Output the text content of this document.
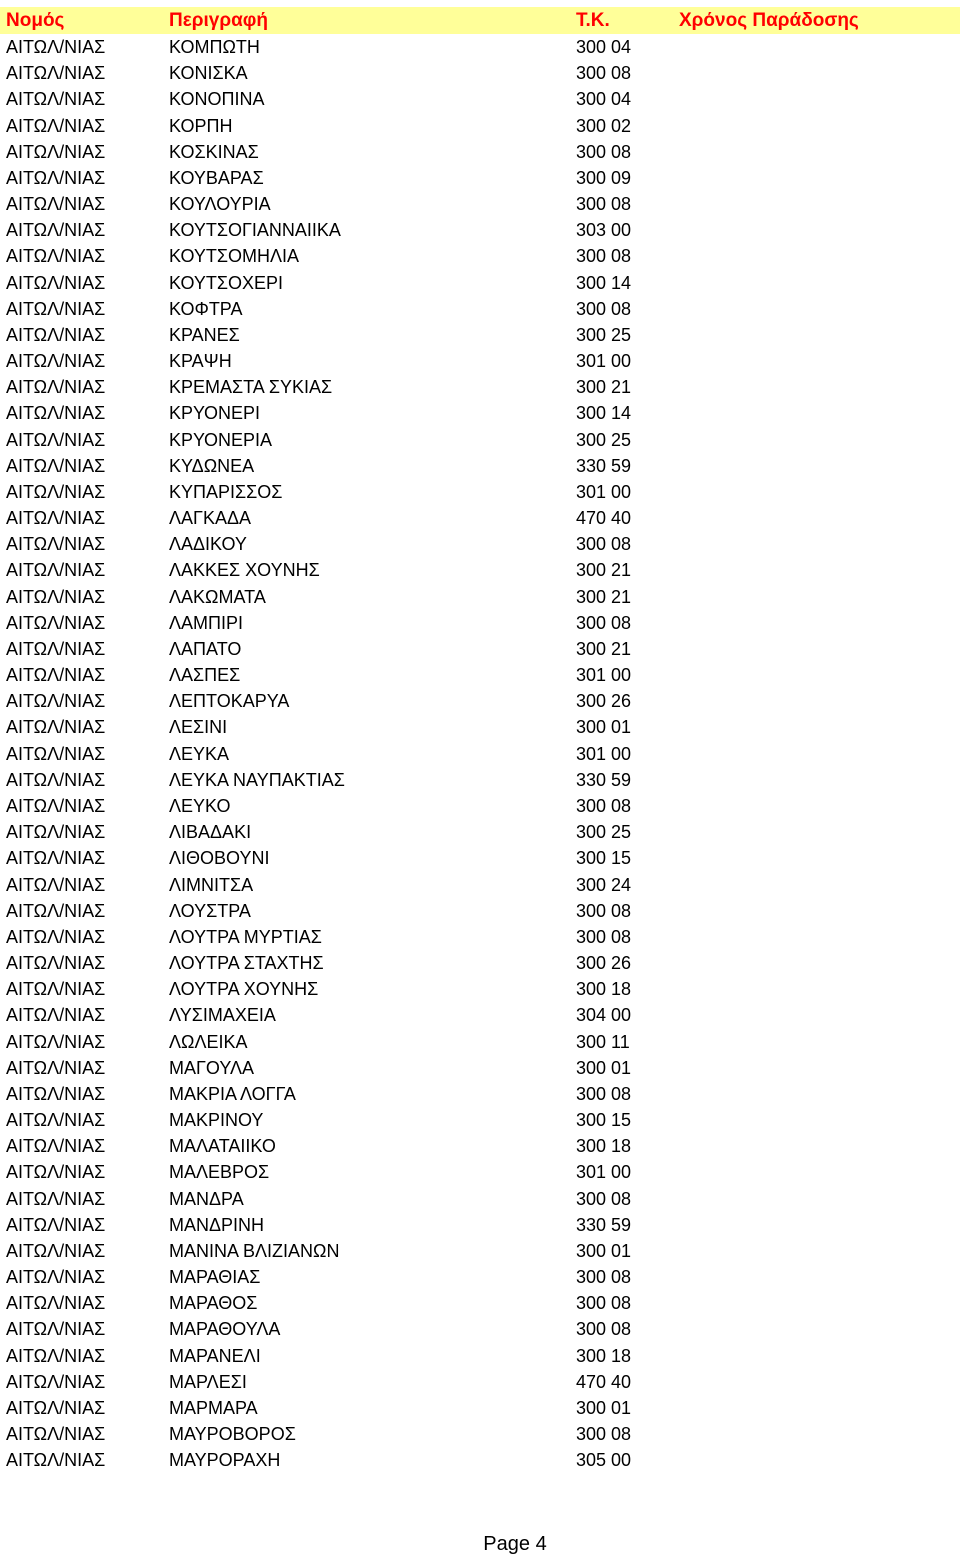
Νομός	Περιγραφή	Τ.Κ.	Χρόνος Παράδοσης
ΑΙΤΩΛ/ΝΙΑΣ	ΚΟΜΠΩΤΗ	300 04
ΑΙΤΩΛ/ΝΙΑΣ	ΚΟΝΙΣΚΑ	300 08
ΑΙΤΩΛ/ΝΙΑΣ	ΚΟΝΟΠΙΝΑ	300 04
ΑΙΤΩΛ/ΝΙΑΣ	ΚΟΡΠΗ	300 02
ΑΙΤΩΛ/ΝΙΑΣ	ΚΟΣΚΙΝΑΣ	300 08
ΑΙΤΩΛ/ΝΙΑΣ	ΚΟΥΒΑΡΑΣ	300 09
ΑΙΤΩΛ/ΝΙΑΣ	ΚΟΥΛΟΥΡΙΑ	300 08
ΑΙΤΩΛ/ΝΙΑΣ	ΚΟΥΤΣΟΓΙΑΝΝΑΙΙΚΑ	303 00
ΑΙΤΩΛ/ΝΙΑΣ	ΚΟΥΤΣΟΜΗΛΙΑ	300 08
ΑΙΤΩΛ/ΝΙΑΣ	ΚΟΥΤΣΟΧΕΡΙ	300 14
ΑΙΤΩΛ/ΝΙΑΣ	ΚΟΦΤΡΑ	300 08
ΑΙΤΩΛ/ΝΙΑΣ	ΚΡΑΝΕΣ	300 25
ΑΙΤΩΛ/ΝΙΑΣ	ΚΡΑΨΗ	301 00
ΑΙΤΩΛ/ΝΙΑΣ	ΚΡΕΜΑΣΤΑ ΣΥΚΙΑΣ	300 21
ΑΙΤΩΛ/ΝΙΑΣ	ΚΡΥΟΝΕΡΙ	300 14
ΑΙΤΩΛ/ΝΙΑΣ	ΚΡΥΟΝΕΡΙΑ	300 25
ΑΙΤΩΛ/ΝΙΑΣ	ΚΥΔΩΝΕΑ	330 59
ΑΙΤΩΛ/ΝΙΑΣ	ΚΥΠΑΡΙΣΣΟΣ	301 00
ΑΙΤΩΛ/ΝΙΑΣ	ΛΑΓΚΑΔΑ	470 40
ΑΙΤΩΛ/ΝΙΑΣ	ΛΑΔΙΚΟΥ	300 08
ΑΙΤΩΛ/ΝΙΑΣ	ΛΑΚΚΕΣ ΧΟΥΝΗΣ	300 21
ΑΙΤΩΛ/ΝΙΑΣ	ΛΑΚΩΜΑΤΑ	300 21
ΑΙΤΩΛ/ΝΙΑΣ	ΛΑΜΠΙΡΙ	300 08
ΑΙΤΩΛ/ΝΙΑΣ	ΛΑΠΑΤΟ	300 21
ΑΙΤΩΛ/ΝΙΑΣ	ΛΑΣΠΕΣ	301 00
ΑΙΤΩΛ/ΝΙΑΣ	ΛΕΠΤΟΚΑΡΥΑ	300 26
ΑΙΤΩΛ/ΝΙΑΣ	ΛΕΣΙΝΙ	300 01
ΑΙΤΩΛ/ΝΙΑΣ	ΛΕΥΚΑ	301 00
ΑΙΤΩΛ/ΝΙΑΣ	ΛΕΥΚΑ ΝΑΥΠΑΚΤΙΑΣ	330 59
ΑΙΤΩΛ/ΝΙΑΣ	ΛΕΥΚΟ	300 08
ΑΙΤΩΛ/ΝΙΑΣ	ΛΙΒΑΔΑΚΙ	300 25
ΑΙΤΩΛ/ΝΙΑΣ	ΛΙΘΟΒΟΥΝΙ	300 15
ΑΙΤΩΛ/ΝΙΑΣ	ΛΙΜΝΙΤΣΑ	300 24
ΑΙΤΩΛ/ΝΙΑΣ	ΛΟΥΣΤΡΑ	300 08
ΑΙΤΩΛ/ΝΙΑΣ	ΛΟΥΤΡΑ ΜΥΡΤΙΑΣ	300 08
ΑΙΤΩΛ/ΝΙΑΣ	ΛΟΥΤΡΑ ΣΤΑΧΤΗΣ	300 26
ΑΙΤΩΛ/ΝΙΑΣ	ΛΟΥΤΡΑ ΧΟΥΝΗΣ	300 18
ΑΙΤΩΛ/ΝΙΑΣ	ΛΥΣΙΜΑΧΕΙΑ	304 00
ΑΙΤΩΛ/ΝΙΑΣ	ΛΩΛΕΙΚΑ	300 11
ΑΙΤΩΛ/ΝΙΑΣ	ΜΑΓΟΥΛΑ	300 01
ΑΙΤΩΛ/ΝΙΑΣ	ΜΑΚΡΙΑ ΛΟΓΓΑ	300 08
ΑΙΤΩΛ/ΝΙΑΣ	ΜΑΚΡΙΝΟΥ	300 15
ΑΙΤΩΛ/ΝΙΑΣ	ΜΑΛΑΤΑΙΙΚΟ	300 18
ΑΙΤΩΛ/ΝΙΑΣ	ΜΑΛΕΒΡΟΣ	301 00
ΑΙΤΩΛ/ΝΙΑΣ	ΜΑΝΔΡΑ	300 08
ΑΙΤΩΛ/ΝΙΑΣ	ΜΑΝΔΡΙΝΗ	330 59
ΑΙΤΩΛ/ΝΙΑΣ	ΜΑΝΙΝΑ ΒΛΙΖΙΑΝΩΝ	300 01
ΑΙΤΩΛ/ΝΙΑΣ	ΜΑΡΑΘΙΑΣ	300 08
ΑΙΤΩΛ/ΝΙΑΣ	ΜΑΡΑΘΟΣ	300 08
ΑΙΤΩΛ/ΝΙΑΣ	ΜΑΡΑΘΟΥΛΑ	300 08
ΑΙΤΩΛ/ΝΙΑΣ	ΜΑΡΑΝΕΛΙ	300 18
ΑΙΤΩΛ/ΝΙΑΣ	ΜΑΡΛΕΣΙ	470 40
ΑΙΤΩΛ/ΝΙΑΣ	ΜΑΡΜΑΡΑ	300 01
ΑΙΤΩΛ/ΝΙΑΣ	ΜΑΥΡΟΒΟΡΟΣ	300 08
ΑΙΤΩΛ/ΝΙΑΣ	ΜΑΥΡΟΡΑΧΗ	305 00
Page 4
